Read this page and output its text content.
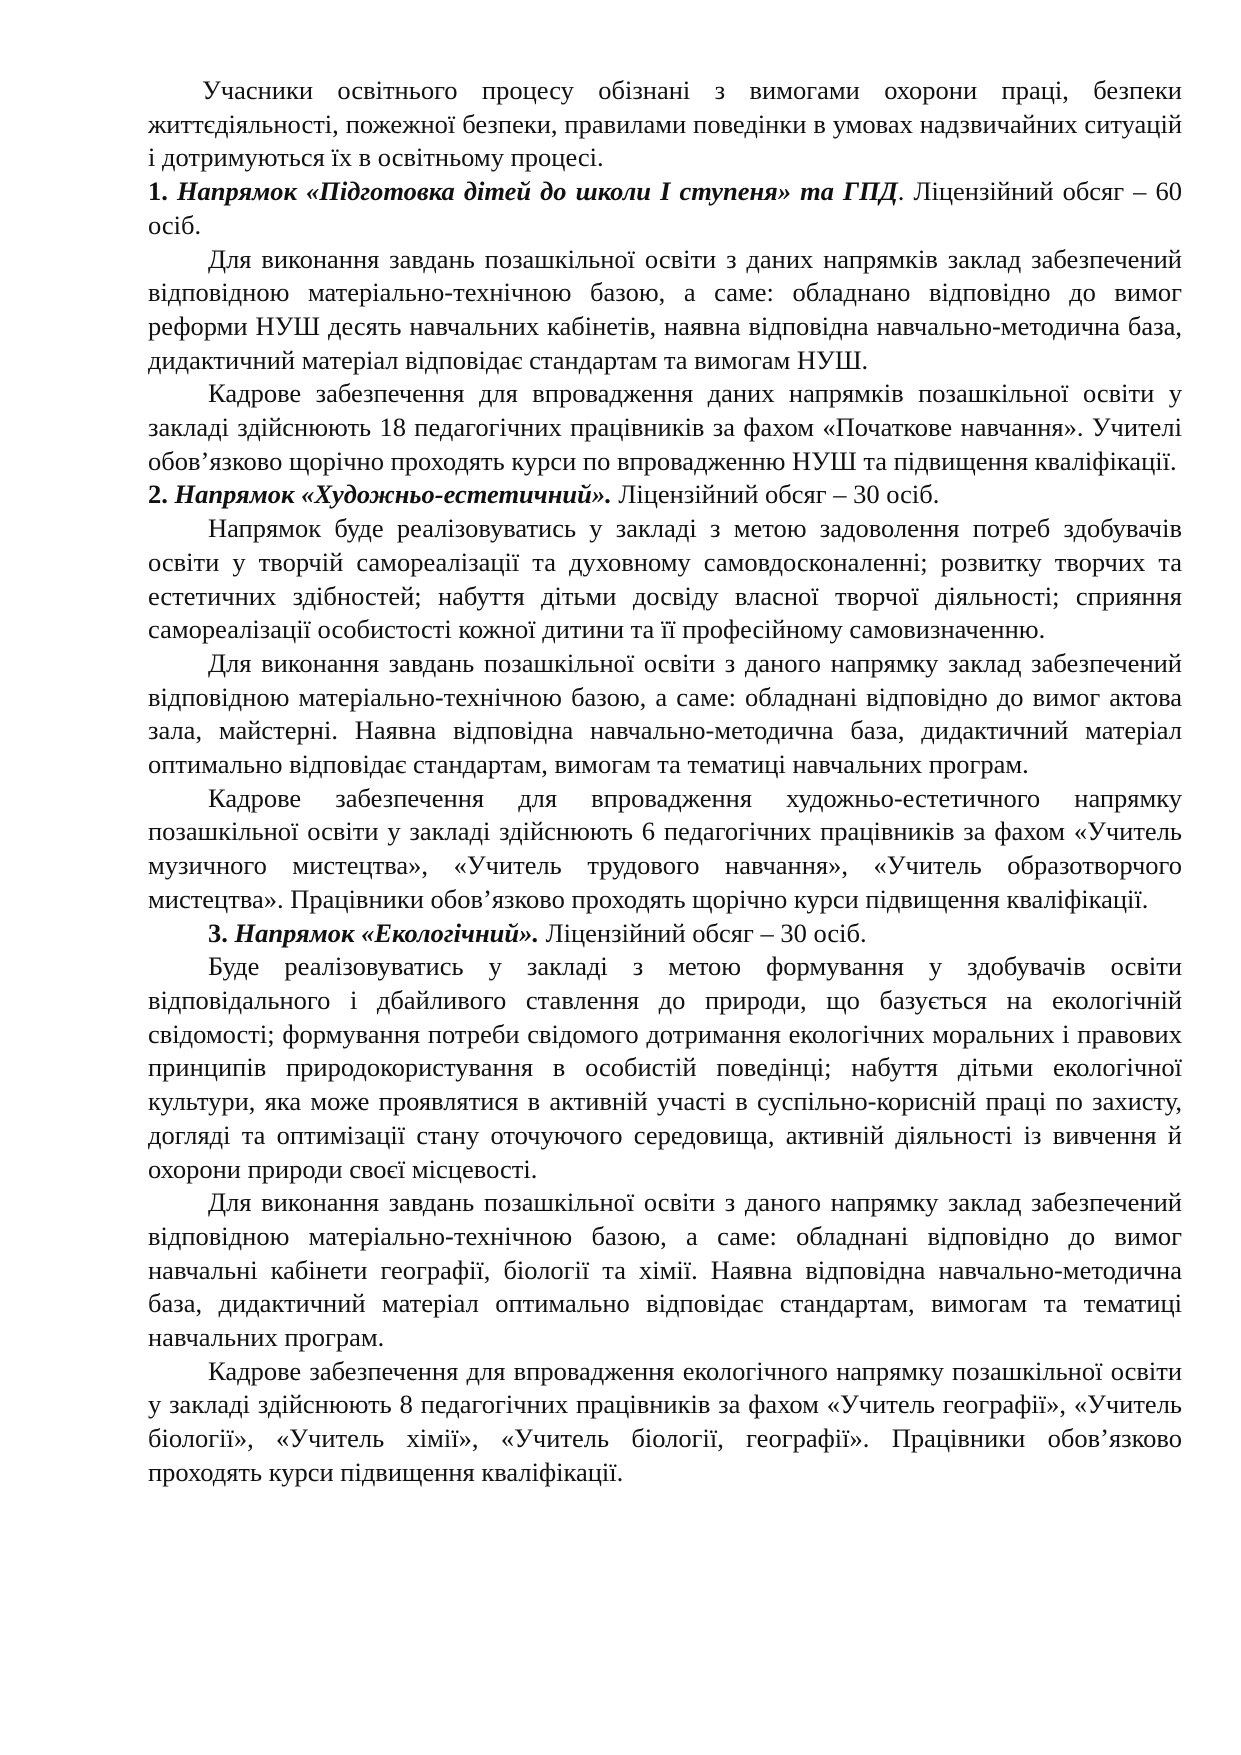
Учасники освітнього процесу обізнані з вимогами охорони праці, безпеки життєдіяльності, пожежної безпеки, правилами поведінки в умовах надзвичайних ситуацій і дотримуються їх в освітньому процесі.

1. Напрямок «Підготовка дітей до школи І ступеня» та ГПД. Ліцензійний обсяг – 60 осіб.

Для виконання завдань позашкільної освіти з даних напрямків заклад забезпечений відповідною матеріально-технічною базою, а саме: обладнано відповідно до вимог реформи НУШ десять навчальних кабінетів, наявна відповідна навчально-методична база, дидактичний матеріал відповідає стандартам та вимогам НУШ.

Кадрове забезпечення для впровадження даних напрямків позашкільної освіти у закладі здійснюють 18 педагогічних працівників за фахом «Початкове навчання». Учителі обов’язково щорічно проходять курси по впровадженню НУШ та підвищення кваліфікації.

2. Напрямок «Художньо-естетичний». Ліцензійний обсяг – 30 осіб.

Напрямок буде реалізовуватись у закладі з метою задоволення потреб здобувачів освіти у творчій самореалізації та духовному самовдосконаленні; розвитку творчих та естетичних здібностей; набуття дітьми досвіду власної творчої діяльності; сприяння самореалізації особистості кожної дитини та її професійному самовизначенню.

Для виконання завдань позашкільної освіти з даного напрямку заклад забезпечений відповідною матеріально-технічною базою, а саме: обладнані відповідно до вимог актова зала, майстерні. Наявна відповідна навчально-методична база, дидактичний матеріал оптимально відповідає стандартам, вимогам та тематиці навчальних програм.

Кадрове забезпечення для впровадження художньо-естетичного напрямку позашкільної освіти у закладі здійснюють 6 педагогічних працівників за фахом «Учитель музичного мистецтва», «Учитель трудового навчання», «Учитель образотворчого мистецтва». Працівники обов’язково проходять щорічно курси підвищення кваліфікації.

3. Напрямок «Екологічний». Ліцензійний обсяг – 30 осіб.

Буде реалізовуватись у закладі з метою формування у здобувачів освіти відповідального і дбайливого ставлення до природи, що базується на екологічній свідомості; формування потреби свідомого дотримання екологічних моральних і правових принципів природокористування в особистій поведінці; набуття дітьми екологічної культури, яка може проявлятися в активній участі в суспільно-корисній праці по захисту, догляді та оптимізації стану оточуючого середовища, активній діяльності із вивчення й охорони природи своєї місцевості.

Для виконання завдань позашкільної освіти з даного напрямку заклад забезпечений відповідною матеріально-технічною базою, а саме: обладнані відповідно до вимог навчальні кабінети географії, біології та хімії. Наявна відповідна навчально-методична база, дидактичний матеріал оптимально відповідає стандартам, вимогам та тематиці навчальних програм.

Кадрове забезпечення для впровадження екологічного напрямку позашкільної освіти у закладі здійснюють 8 педагогічних працівників за фахом «Учитель географії», «Учитель біології», «Учитель хімії», «Учитель біології, географії». Працівники обов’язково проходять курси підвищення кваліфікації.
